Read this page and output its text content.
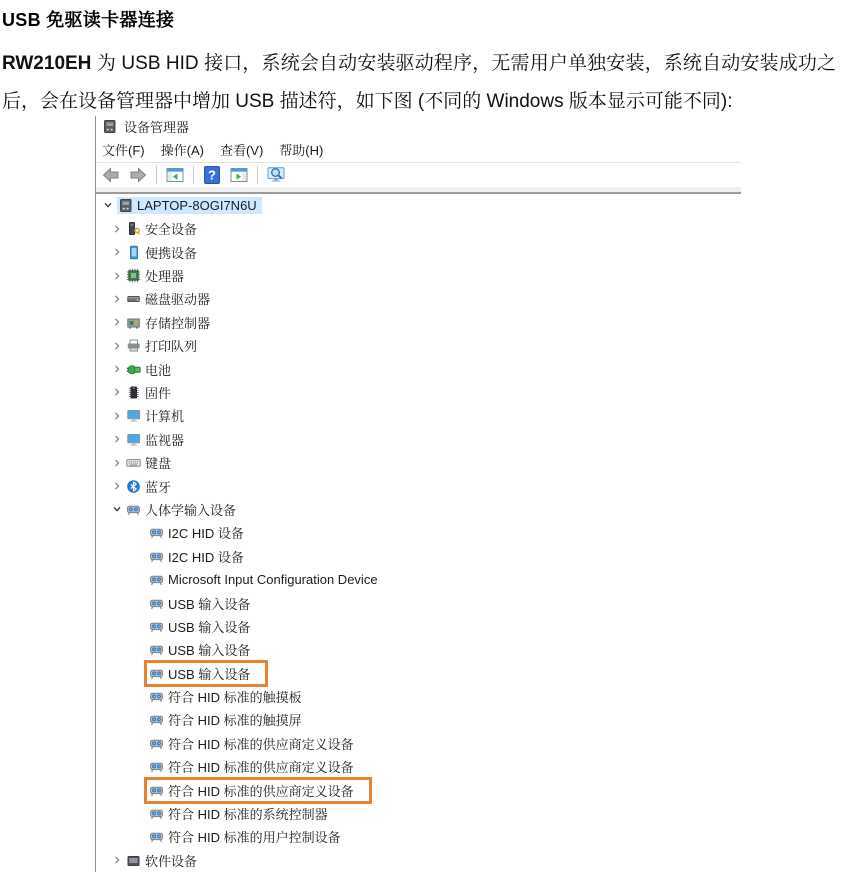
USB 免驱读卡器连接

RW210EH 为 USB HID 接口，系统会自动安装驱动程序，无需用户单独安装，系统自动安装成功之后，会在设备管理器中增加 USB 描述符，如下图 (不同的 Windows 版本显示可能不同):

设备管理器
文件(F) 操作(A) 查看(V) 帮助(H)
?
LAPTOP-8OGI7N6U
安全设备
便携设备
处理器
磁盘驱动器
存储控制器
打印队列
电池
固件
计算机
监视器
键盘
蓝牙
人体学输入设备
I2C HID 设备
I2C HID 设备
Microsoft Input Configuration Device
USB 输入设备
USB 输入设备
USB 输入设备
USB 输入设备
符合 HID 标准的触摸板
符合 HID 标准的触摸屏
符合 HID 标准的供应商定义设备
符合 HID 标准的供应商定义设备
符合 HID 标准的供应商定义设备
符合 HID 标准的系统控制器
符合 HID 标准的用户控制设备
软件设备
